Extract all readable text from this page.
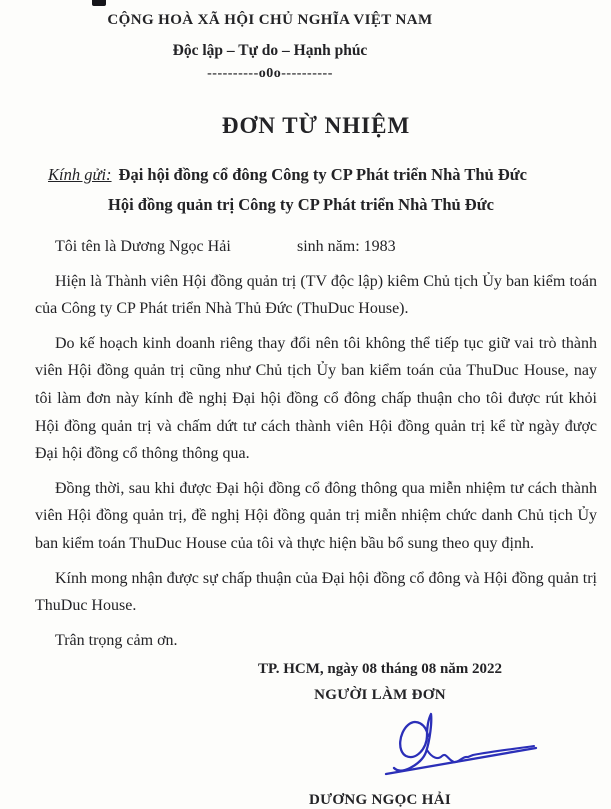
CỘNG HOÀ XÃ HỘI CHỦ NGHĨA VIỆT NAM
Độc lập – Tự do – Hạnh phúc
----------o0o----------
ĐƠN TỪ NHIỆM
Kính gửi: Đại hội đồng cổ đông Công ty CP Phát triển Nhà Thủ Đức
Hội đồng quản trị Công ty CP Phát triển Nhà Thủ Đức

Tôi tên là Dương Ngọc Hải	sinh năm: 1983

Hiện là Thành viên Hội đồng quản trị (TV độc lập) kiêm Chủ tịch Ủy ban kiểm toán của Công ty CP Phát triển Nhà Thủ Đức (ThuDuc House).

Do kế hoạch kinh doanh riêng thay đổi nên tôi không thể tiếp tục giữ vai trò thành viên Hội đồng quản trị cũng như Chủ tịch Ủy ban kiểm toán của ThuDuc House, nay tôi làm đơn này kính đề nghị Đại hội đồng cổ đông chấp thuận cho tôi được rút khỏi Hội đồng quản trị và chấm dứt tư cách thành viên Hội đồng quản trị kể từ ngày được Đại hội đồng cổ thông thông qua.

Đồng thời, sau khi được Đại hội đồng cổ đông thông qua miễn nhiệm tư cách thành viên Hội đồng quản trị, đề nghị Hội đồng quản trị miễn nhiệm chức danh Chủ tịch Ủy ban kiểm toán ThuDuc House của tôi và thực hiện bầu bổ sung theo quy định.

Kính mong nhận được sự chấp thuận của Đại hội đồng cổ đông và Hội đồng quản trị ThuDuc House.

Trân trọng cảm ơn.

TP. HCM, ngày 08 tháng 08 năm 2022
NGƯỜI LÀM ĐƠN
DƯƠNG NGỌC HẢI
